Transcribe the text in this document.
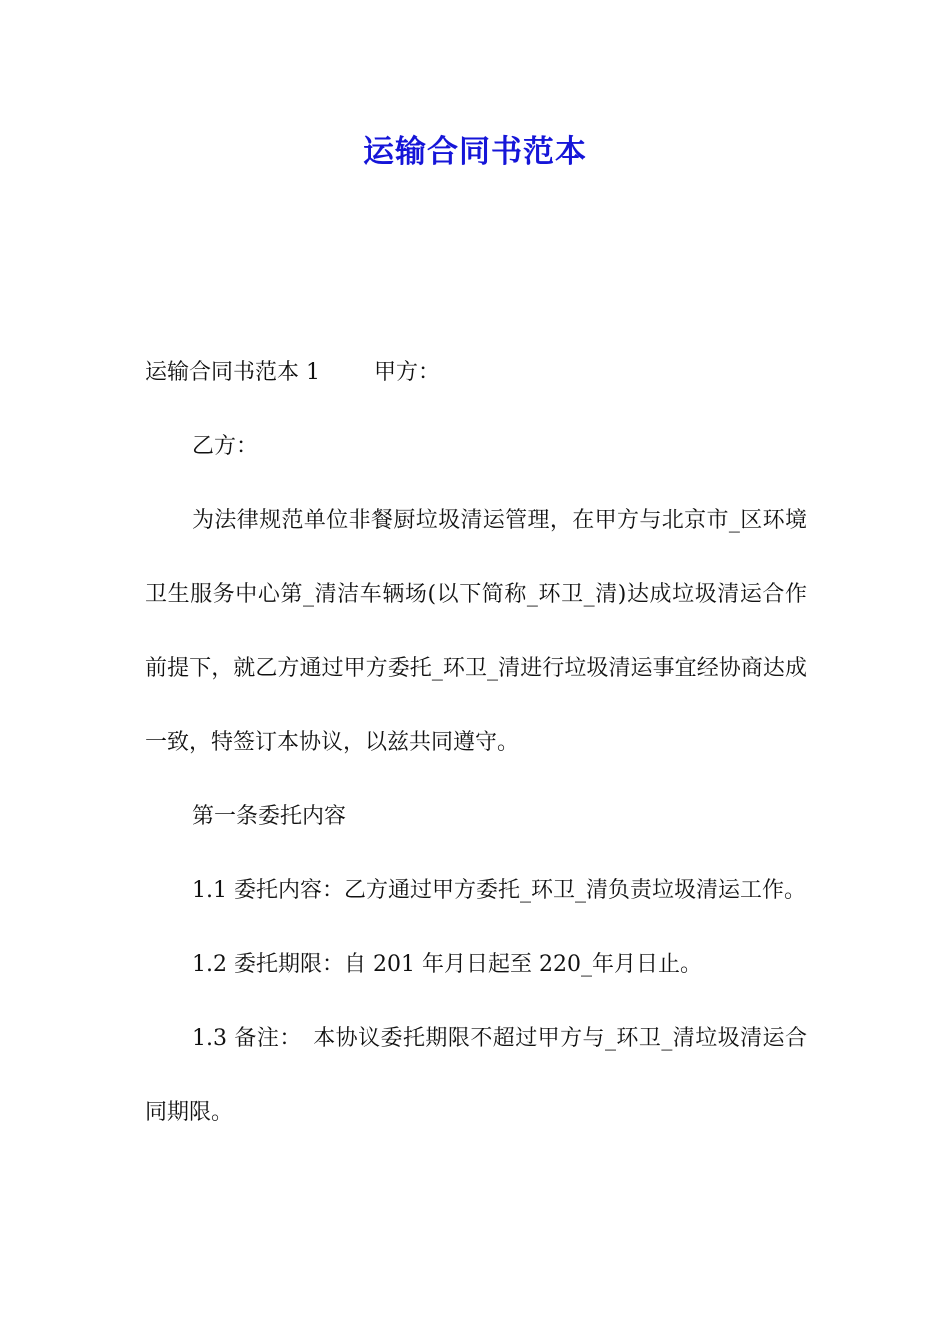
运输合同书范本

运输合同书范本 1 甲方：

乙方：

为法律规范单位非餐厨垃圾清运管理，在甲方与北京市_区环境卫生服务中心第_清洁车辆场(以下简称_环卫_清)达成垃圾清运合作前提下，就乙方通过甲方委托_环卫_清进行垃圾清运事宜经协商达成一致，特签订本协议，以兹共同遵守。

第一条委托内容

1.1 委托内容：乙方通过甲方委托_环卫_清负责垃圾清运工作。

1.2 委托期限：自 201 年月日起至 220_年月日止。

1.3 备注：　本协议委托期限不超过甲方与_环卫_清垃圾清运合同期限。
